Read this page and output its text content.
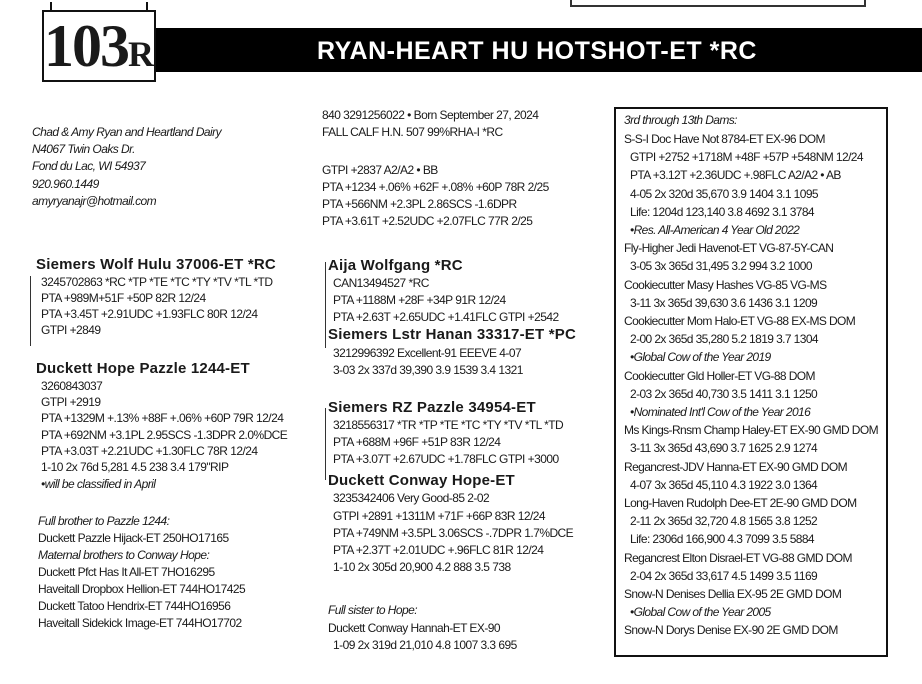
RYAN-HEART HU HOTSHOT-ET *RC
103R
Chad & Amy Ryan and Heartland Dairy
N4067 Twin Oaks Dr.
Fond du Lac, WI 54937
920.960.1449
amyryanajr@hotmail.com
Siemers Wolf Hulu 37006-ET *RC
3245702863 *RC *TP *TE *TC *TY *TV *TL *TD
PTA +989M+51F +50P 82R 12/24
PTA +3.45T +2.91UDC +1.93FLC 80R 12/24
GTPI +2849
Duckett Hope Pazzle 1244-ET
3260843037
GTPI +2919
PTA +1329M +.13% +88F +.06% +60P 79R 12/24
PTA +692NM +3.1PL 2.95SCS -1.3DPR 2.0%DCE
PTA +3.03T +2.21UDC +1.30FLC 78R 12/24
1-10 2x 76d 5,281 4.5 238 3.4 179"RIP
•will be classified in April
Full brother to Pazzle 1244:
Duckett Pazzle Hijack-ET 250HO17165
Maternal brothers to Conway Hope:
Duckett Pfct Has It All-ET 7HO16295
Haveitall Dropbox Hellion-ET 744HO17425
Duckett Tatoo Hendrix-ET 744HO16956
Haveitall Sidekick Image-ET 744HO17702
840 3291256022 • Born September 27, 2024
FALL CALF H.N. 507 99%RHA-I *RC
GTPI +2837 A2/A2 • BB
PTA +1234 +.06% +62F +.08% +60P 78R 2/25
PTA +566NM +2.3PL 2.86SCS -1.6DPR
PTA +3.61T +2.52UDC +2.07FLC 77R 2/25
Aija Wolfgang *RC
CAN13494527 *RC
PTA +1188M +28F +34P 91R 12/24
PTA +2.63T +2.65UDC +1.41FLC GTPI +2542
Siemers Lstr Hanan 33317-ET *PC
3212996392 Excellent-91 EEEVE 4-07
3-03 2x 337d 39,390 3.9 1539 3.4 1321
Siemers RZ Pazzle 34954-ET
3218556317 *TR *TP *TE *TC *TY *TV *TL *TD
PTA +688M +96F +51P 83R 12/24
PTA +3.07T +2.67UDC +1.78FLC GTPI +3000
Duckett Conway Hope-ET
3235342406 Very Good-85 2-02
GTPI +2891 +1311M +71F +66P 83R 12/24
PTA +749NM +3.5PL 3.06SCS -.7DPR 1.7%DCE
PTA +2.37T +2.01UDC +.96FLC 81R 12/24
1-10 2x 305d 20,900 4.2 888 3.5 738
Full sister to Hope:
Duckett Conway Hannah-ET EX-90
1-09 2x 319d 21,010 4.8 1007 3.3 695
3rd through 13th Dams:
S-S-I Doc Have Not 8784-ET EX-96 DOM
GTPI +2752 +1718M +48F +57P +548NM 12/24
PTA +3.12T +2.36UDC +.98FLC A2/A2 • AB
4-05 2x 320d 35,670 3.9 1404 3.1 1095
Life: 1204d 123,140 3.8 4692 3.1 3784
•Res. All-American 4 Year Old 2022
Fly-Higher Jedi Havenot-ET VG-87-5Y-CAN
3-05 3x 365d 31,495 3.2 994 3.2 1000
Cookiecutter Masy Hashes VG-85 VG-MS
3-11 3x 365d 39,630 3.6 1436 3.1 1209
Cookiecutter Mom Halo-ET VG-88 EX-MS DOM
2-00 2x 365d 35,280 5.2 1819 3.7 1304
•Global Cow of the Year 2019
Cookiecutter Gld Holler-ET VG-88 DOM
2-03 2x 365d 40,730 3.5 1411 3.1 1250
•Nominated Int'l Cow of the Year 2016
Ms Kings-Rnsm Champ Haley-ET EX-90 GMD DOM
3-11 3x 365d 43,690 3.7 1625 2.9 1274
Regancrest-JDV Hanna-ET EX-90 GMD DOM
4-07 3x 365d 45,110 4.3 1922 3.0 1364
Long-Haven Rudolph Dee-ET 2E-90 GMD DOM
2-11 2x 365d 32,720 4.8 1565 3.8 1252
Life: 2306d 166,900 4.3 7099 3.5 5884
Regancrest Elton Disrael-ET VG-88 GMD DOM
2-04 2x 365d 33,617 4.5 1499 3.5 1169
Snow-N Denises Dellia EX-95 2E GMD DOM
•Global Cow of the Year 2005
Snow-N Dorys Denise EX-90 2E GMD DOM
